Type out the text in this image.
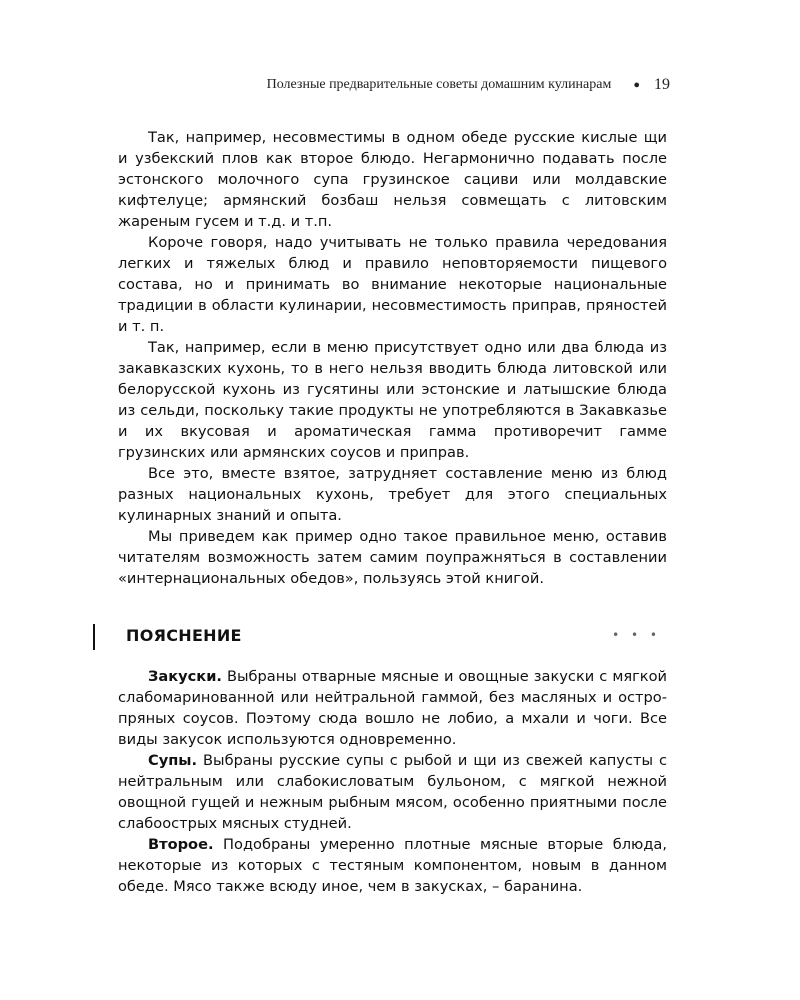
Полезные предварительные советы домашним кулинарам ● 19

Так, например, несовместимы в одном обеде русские кислые щи и узбекский плов как второе блюдо. Негармонично подавать после эстонского молочного супа грузинское сациви или молдавские кифтелуце; армянский бозбаш нельзя совмещать с литовским жареным гусем и т.д. и т.п.

Короче говоря, надо учитывать не только правила чередования легких и тяжелых блюд и правило неповторяемости пищевого состава, но и принимать во внимание некоторые национальные традиции в области кулинарии, несовместимость приправ, пряностей и т. п.

Так, например, если в меню присутствует одно или два блюда из закавказских кухонь, то в него нельзя вводить блюда литовской или белорусской кухонь из гусятины или эстонские и латышские блюда из сельди, поскольку такие продукты не употребляются в Закавказье и их вкусовая и ароматическая гамма противоречит гамме грузинских или армянских соусов и приправ.

Все это, вместе взятое, затрудняет составление меню из блюд разных национальных кухонь, требует для этого специальных кулинарных знаний и опыта.

Мы приведем как пример одно такое правильное меню, оставив читателям возможность затем самим поупражняться в составлении «интернациональных обедов», пользуясь этой книгой.

ПОЯСНЕНИЕ	• • •

Закуски. Выбраны отварные мясные и овощные закуски с мягкой слабомаринованной или нейтральной гаммой, без масляных и остро-пряных соусов. Поэтому сюда вошло не лобио, а мхали и чоги. Все виды закусок используются одновременно.

Супы. Выбраны русские супы с рыбой и щи из свежей капусты с нейтральным или слабокисловатым бульоном, с мягкой нежной овощной гущей и нежным рыбным мясом, особенно приятными после слабоострых мясных студней.

Второе. Подобраны умеренно плотные мясные вторые блюда, некоторые из которых с тестяным компонентом, новым в данном обеде. Мясо также всюду иное, чем в закусках, – баранина.
